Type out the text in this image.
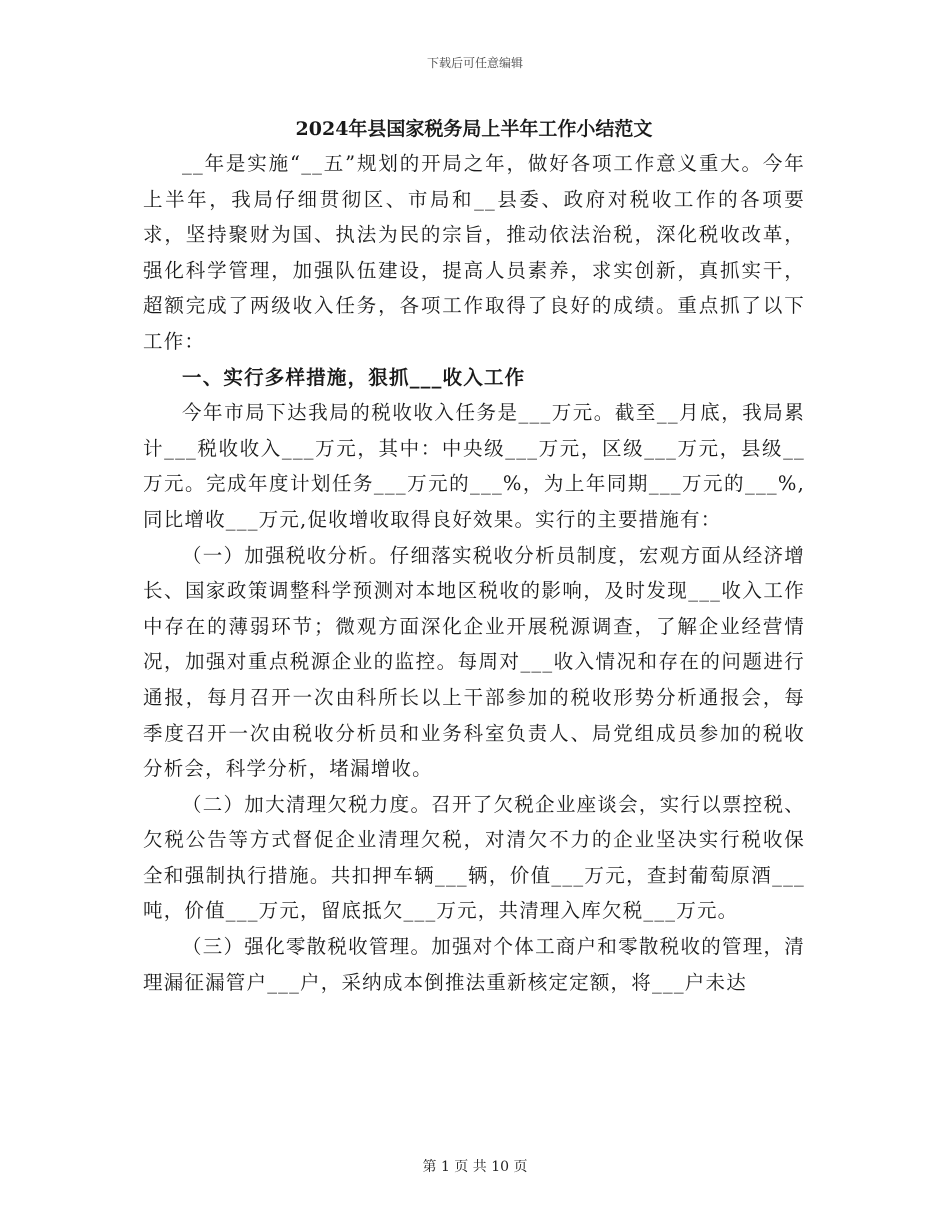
下载后可任意编辑

2024年县国家税务局上半年工作小结范文

__年是实施“__五”规划的开局之年，做好各项工作意义重大。今年上半年，我局仔细贯彻区、市局和__县委、政府对税收工作的各项要求，坚持聚财为国、执法为民的宗旨，推动依法治税，深化税收改革，强化科学管理，加强队伍建设，提高人员素养，求实创新，真抓实干，超额完成了两级收入任务，各项工作取得了良好的成绩。重点抓了以下工作：

一、实行多样措施，狠抓___收入工作

今年市局下达我局的税收收入任务是___万元。截至__月底，我局累计___税收收入___万元，其中：中央级___万元，区级___万元，县级__万元。完成年度计划任务___万元的___%，为上年同期___万元的___%,同比增收___万元,促收增收取得良好效果。实行的主要措施有：

（一）加强税收分析。仔细落实税收分析员制度，宏观方面从经济增长、国家政策调整科学预测对本地区税收的影响，及时发现___收入工作中存在的薄弱环节；微观方面深化企业开展税源调查，了解企业经营情况，加强对重点税源企业的监控。每周对___收入情况和存在的问题进行通报，每月召开一次由科所长以上干部参加的税收形势分析通报会，每季度召开一次由税收分析员和业务科室负责人、局党组成员参加的税收分析会，科学分析，堵漏增收。

（二）加大清理欠税力度。召开了欠税企业座谈会，实行以票控税、欠税公告等方式督促企业清理欠税，对清欠不力的企业坚决实行税收保全和强制执行措施。共扣押车辆___辆，价值___万元，查封葡萄原酒___吨，价值___万元，留底抵欠___万元，共清理入库欠税___万元。

（三）强化零散税收管理。加强对个体工商户和零散税收的管理，清理漏征漏管户___户，采纳成本倒推法重新核定定额，将___户未达

第 1 页 共 10 页
